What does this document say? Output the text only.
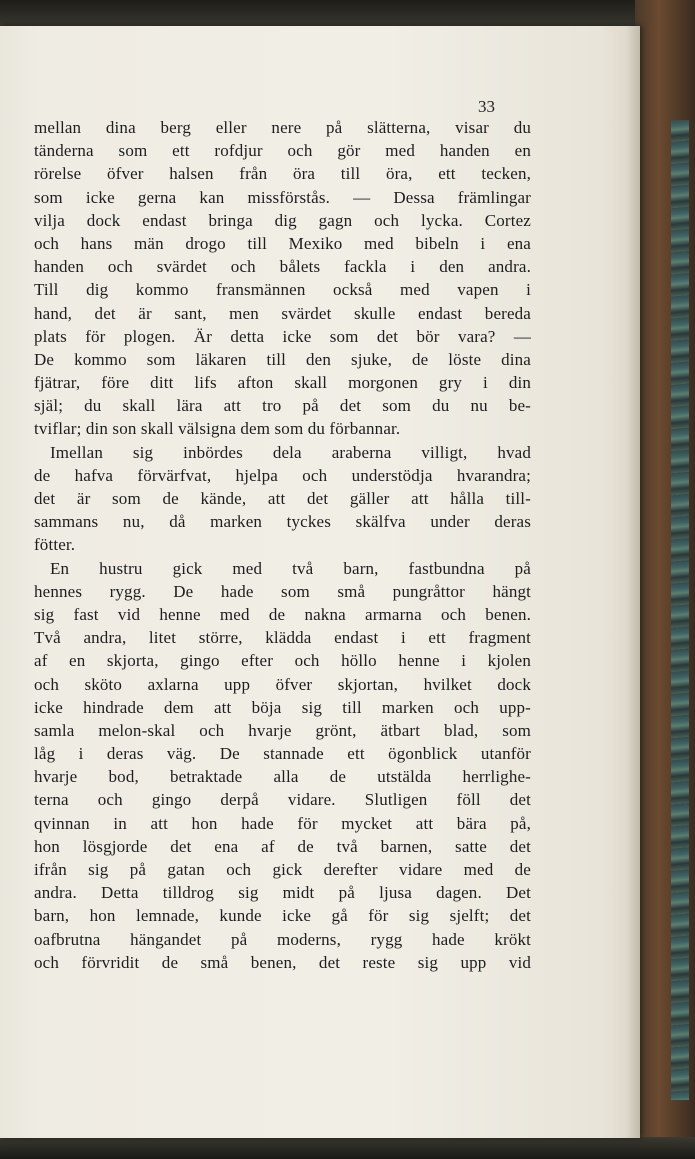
33
mellan dina berg eller nere på slätterna, visar du
tänderna som ett rofdjur och gör med handen en
rörelse öfver halsen från öra till öra, ett tecken,
som icke gerna kan missförstås. — Dessa främlingar
vilja dock endast bringa dig gagn och lycka. Cortez
och hans män drogo till Mexiko med bibeln i ena
handen och svärdet och bålets fackla i den andra.
Till dig kommo fransmännen också med vapen i
hand, det är sant, men svärdet skulle endast bereda
plats för plogen. Är detta icke som det bör vara? —
De kommo som läkaren till den sjuke, de löste dina
fjätrar, före ditt lifs afton skall morgonen gry i din
själ; du skall lära att tro på det som du nu be-
tviflar; din son skall välsigna dem som du förbannar.
Imellan sig inbördes dela araberna villigt, hvad
de hafva förvärfvat, hjelpa och understödja hvarandra;
det är som de kände, att det gäller att hålla till-
sammans nu, då marken tyckes skälfva under deras
fötter.
En hustru gick med två barn, fastbundna på
hennes rygg. De hade som små pungråttor hängt
sig fast vid henne med de nakna armarna och benen.
Två andra, litet större, klädda endast i ett fragment
af en skjorta, gingo efter och höllo henne i kjolen
och sköto axlarna upp öfver skjortan, hvilket dock
icke hindrade dem att böja sig till marken och upp-
samla melon-skal och hvarje grönt, ätbart blad, som
låg i deras väg. De stannade ett ögonblick utanför
hvarje bod, betraktade alla de utstälda herrlighe-
terna och gingo derpå vidare. Slutligen föll det
qvinnan in att hon hade för mycket att bära på,
hon lösgjorde det ena af de två barnen, satte det
ifrån sig på gatan och gick derefter vidare med de
andra. Detta tilldrog sig midt på ljusa dagen. Det
barn, hon lemnade, kunde icke gå för sig sjelft; det
oafbrutna hängandet på moderns, rygg hade krökt
och förvridit de små benen, det reste sig upp vid
